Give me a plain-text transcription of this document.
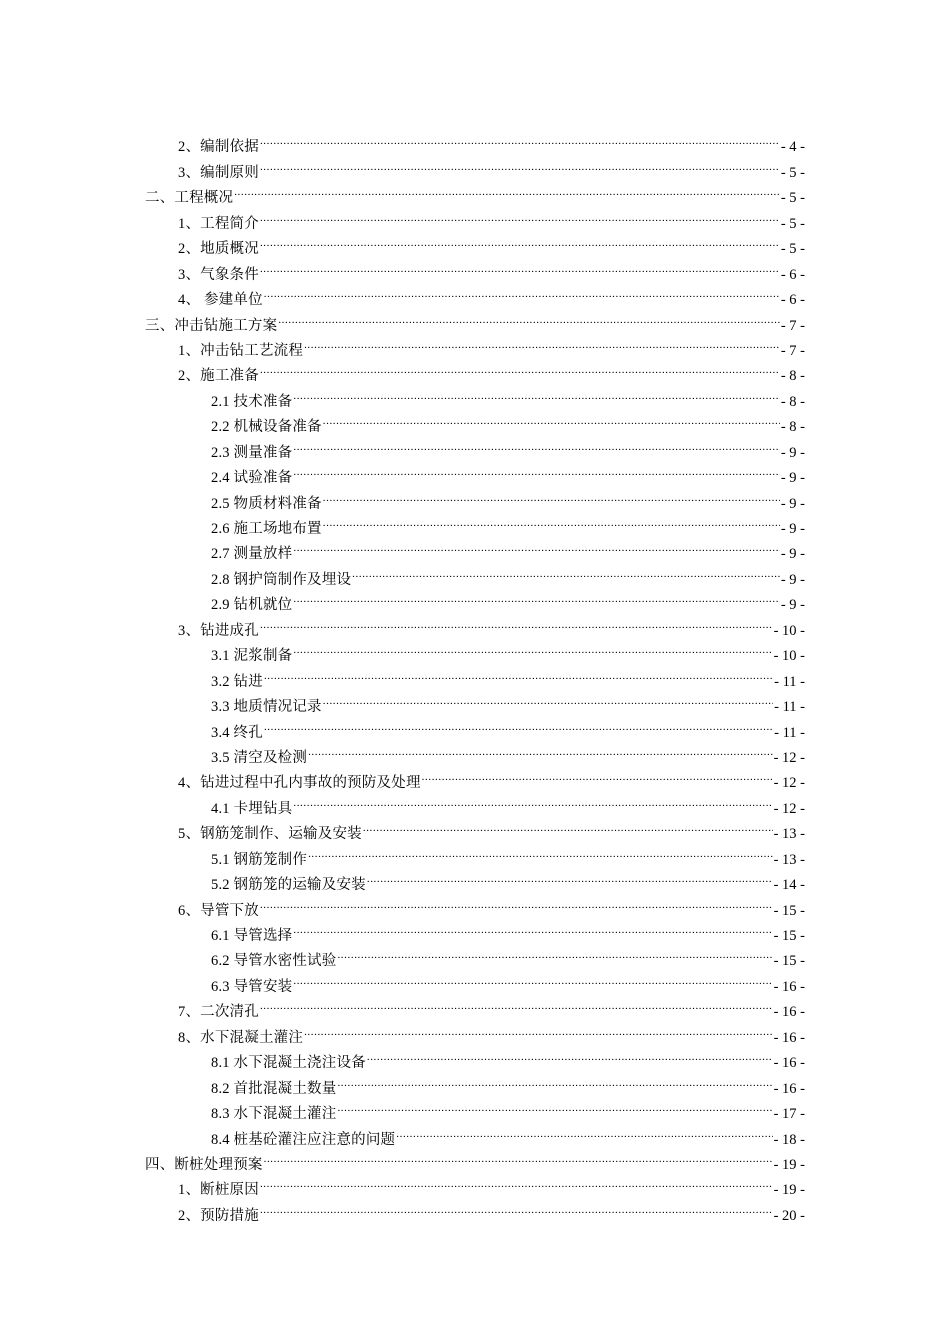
2、编制依据 .....	- 4 -
3、编制原则 .....	- 5 -
二、工程概况 .....	- 5 -
1、工程简介 .....	- 5 -
2、地质概况 .....	- 5 -
3、气象条件 .....	- 6 -
4、 参建单位 .....	- 6 -
三、冲击钻施工方案 .....	- 7 -
1、冲击钻工艺流程 .....	- 7 -
2、施工准备 .....	- 8 -
2.1 技术准备 .....	- 8 -
2.2 机械设备准备 .....	- 8 -
2.3 测量准备 .....	- 9 -
2.4 试验准备 .....	- 9 -
2.5 物质材料准备 .....	- 9 -
2.6 施工场地布置 .....	- 9 -
2.7 测量放样 .....	- 9 -
2.8 钢护筒制作及埋设 .....	- 9 -
2.9 钻机就位 .....	- 9 -
3、钻进成孔 .....	- 10 -
3.1 泥浆制备 .....	- 10 -
3.2 钻进 .....	- 11 -
3.3 地质情况记录 .....	- 11 -
3.4 终孔 .....	- 11 -
3.5 清空及检测 .....	- 12 -
4、钻进过程中孔内事故的预防及处理 .....	- 12 -
4.1 卡埋钻具 .....	- 12 -
5、钢筋笼制作、运输及安装 .....	- 13 -
5.1 钢筋笼制作 .....	- 13 -
5.2 钢筋笼的运输及安装 .....	- 14 -
6、导管下放 .....	- 15 -
6.1 导管选择 .....	- 15 -
6.2 导管水密性试验 .....	- 15 -
6.3 导管安装 .....	- 16 -
7、二次清孔 .....	- 16 -
8、水下混凝土灌注 .....	- 16 -
8.1 水下混凝土浇注设备 .....	- 16 -
8.2 首批混凝土数量 .....	- 16 -
8.3 水下混凝土灌注 .....	- 17 -
8.4 桩基砼灌注应注意的问题 .....	- 18 -
四、断桩处理预案 .....	- 19 -
1、断桩原因 .....	- 19 -
2、预防措施 .....	- 20 -
